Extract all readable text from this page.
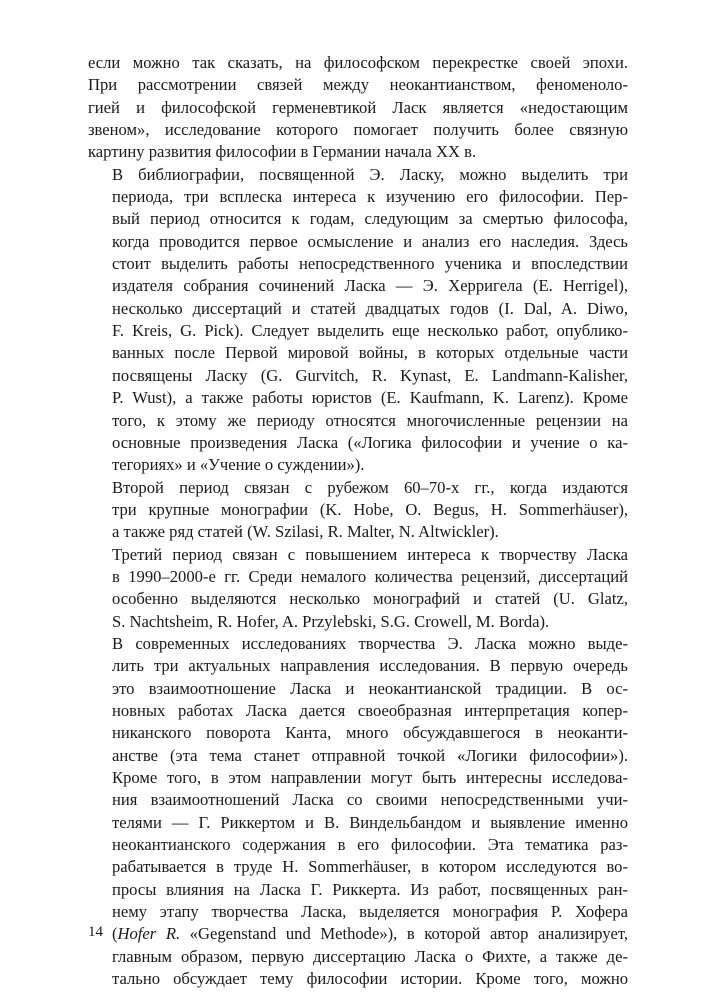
если можно так сказать, на философском перекрестке своей эпохи.
При рассмотрении связей между неокантианством, феноменоло-
гией и философской герменевтикой Ласк является «недостающим
звеном», исследование которого помогает получить более связную
картину развития философии в Германии начала XX в.

В библиографии, посвященной Э. Ласку, можно выделить три
периода, три всплеска интереса к изучению его философии. Пер-
вый период относится к годам, следующим за смертью философа,
когда проводится первое осмысление и анализ его наследия. Здесь
стоит выделить работы непосредственного ученика и впоследствии
издателя собрания сочинений Ласка — Э. Херригела (E. Herrigel),
несколько диссертаций и статей двадцатых годов (I. Dal, A. Diwo,
F. Kreis, G. Pick). Следует выделить еще несколько работ, опублико-
ванных после Первой мировой войны, в которых отдельные части
посвящены Ласку (G. Gurvitch, R. Kynast, E. Landmann-Kalisher,
P. Wust), а также работы юристов (E. Kaufmann, K. Larenz). Кроме
того, к этому же периоду относятся многочисленные рецензии на
основные произведения Ласка («Логика философии и учение о ка-
тегориях» и «Учение о суждении»).

Второй период связан с рубежом 60–70-х гг., когда издаются
три крупные монографии (K. Hobe, O. Begus, H. Sommerhäuser),
а также ряд статей (W. Szilasi, R. Malter, N. Altwickler).

Третий период связан с повышением интереса к творчеству Ласка
в 1990–2000-е гг. Среди немалого количества рецензий, диссертаций
особенно выделяются несколько монографий и статей (U. Glatz,
S. Nachtsheim, R. Hofer, A. Przylebski, S.G. Crowell, M. Borda).

В современных исследованиях творчества Э. Ласка можно выде-
лить три актуальных направления исследования. В первую очередь
это взаимоотношение Ласка и неокантианской традиции. В ос-
новных работах Ласка дается своеобразная интерпретация копер-
никанского поворота Канта, много обсуждавшегося в неоканти-
анстве (эта тема станет отправной точкой «Логики философии»).
Кроме того, в этом направлении могут быть интересны исследова-
ния взаимоотношений Ласка со своими непосредственными учи-
телями — Г. Риккертом и В. Виндельбандом и выявление именно
неокантианского содержания в его философии. Эта тематика раз-
рабатывается в труде H. Sommerhäuser, в котором исследуются во-
просы влияния на Ласка Г. Риккерта. Из работ, посвященных ран-
нему этапу творчества Ласка, выделяется монография Р. Хофера
(Hofer R. «Gegenstand und Methode»), в которой автор анализирует,
главным образом, первую диссертацию Ласка о Фихте, а также де-
тально обсуждает тему философии истории. Кроме того, можно

14
